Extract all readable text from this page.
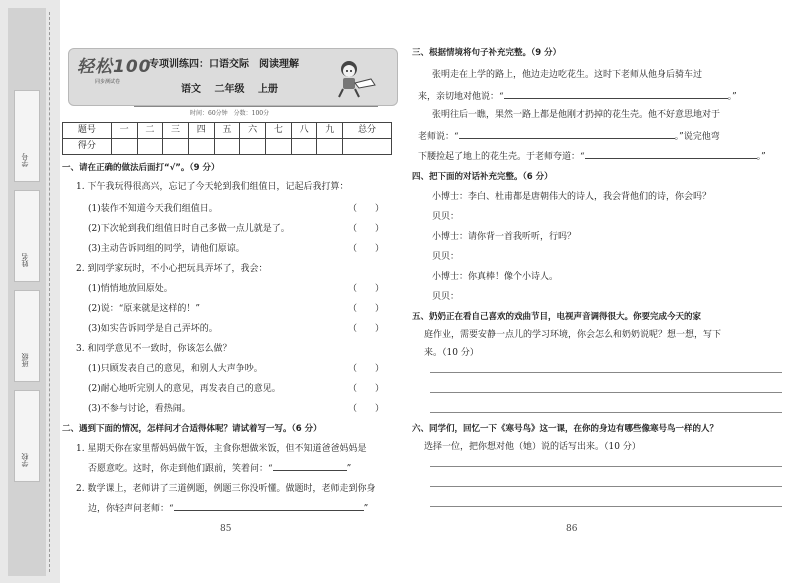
学号
姓名
班级
学校
轻松100
同步测试卷
专项训练四：口语交际　阅读理解
语文 二年级 上册
时间：60分钟　分数：100分
题号	一	二	三	四	五	六	七	八	九	总分
得分										
一、请在正确的做法后面打“√”。（9 分）
1. 下午我玩得很高兴，忘记了今天轮到我们组值日，记起后我打算：
(1)装作不知道今天我们组值日。	（　　）
(2)下次轮到我们组值日时自己多做一点儿就是了。	（　　）
(3)主动告诉同组的同学，请他们原谅。	（　　）
2. 到同学家玩时，不小心把玩具弄坏了，我会：
(1)悄悄地放回原处。	（　　）
(2)说：“原来就是这样的！”	（　　）
(3)如实告诉同学是自己弄坏的。	（　　）
3. 和同学意见不一致时，你该怎么做？
(1)只顾发表自己的意见，和别人大声争吵。	（　　）
(2)耐心地听完别人的意见，再发表自己的意见。	（　　）
(3)不参与讨论，看热闹。	（　　）
二、遇到下面的情况，怎样问才合适得体呢？请试着写一写。（6 分）
1. 星期天你在家里帮妈妈做午饭，主食你想做米饭，但不知道爸爸妈妈是
否愿意吃。这时，你走到他们跟前，笑着问：“	”
2. 数学课上，老师讲了三道例题，例题三你没听懂。做题时，老师走到你身
边，你轻声问老师：“	”
85
三、根据情境将句子补充完整。（9 分）
张明走在上学的路上，他边走边吃花生。这时下老师从他身后骑车过
来，亲切地对他说：“	。”
张明往后一瞧，果然一路上都是他刚才扔掉的花生壳。他不好意思地对于
老师说：“	。”说完他弯
下腰捡起了地上的花生壳。于老师夸道：“	。”
四、把下面的对话补充完整。（6 分）
小博士：李白、杜甫都是唐朝伟大的诗人，我会背他们的诗，你会吗？
贝贝：
小博士：请你背一首我听听，行吗？
贝贝：
小博士：你真棒！像个小诗人。
贝贝：
五、奶奶正在看自己喜欢的戏曲节目，电视声音调得很大。你要完成今天的家
庭作业，需要安静一点儿的学习环境，你会怎么和奶奶说呢？想一想，写下
来。（10 分）
六、同学们，回忆一下《寒号鸟》这一课，在你的身边有哪些像寒号鸟一样的人？
选择一位，把你想对他（她）说的话写出来。（10 分）
86
